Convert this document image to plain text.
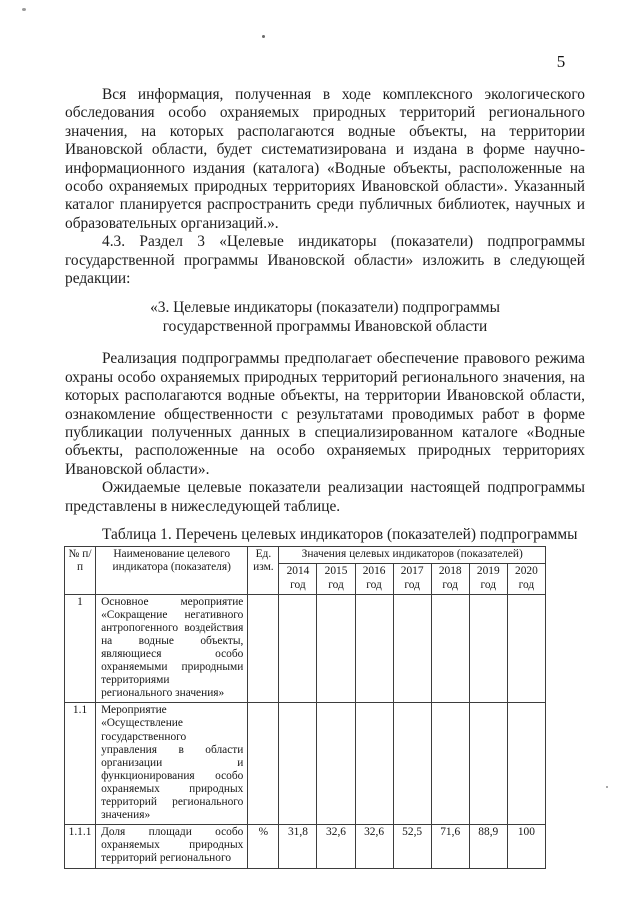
5

Вся информация, полученная в ходе комплексного экологического обследования особо охраняемых природных территорий регионального значения, на которых располагаются водные объекты, на территории Ивановской области, будет систематизирована и издана в форме научно-информационного издания (каталога) «Водные объекты, расположенные на особо охраняемых природных территориях Ивановской области». Указанный каталог планируется распространить среди публичных библиотек, научных и образовательных организаций.».

4.3. Раздел 3 «Целевые индикаторы (показатели) подпрограммы государственной программы Ивановской области» изложить в следующей редакции:

«3. Целевые индикаторы (показатели) подпрограммы
государственной программы Ивановской области

Реализация подпрограммы предполагает обеспечение правового режима охраны особо охраняемых природных территорий регионального значения, на которых располагаются водные объекты, на территории Ивановской области, ознакомление общественности с результатами проводимых работ в форме публикации полученных данных в специализированном каталоге «Водные объекты, расположенные на особо охраняемых природных территориях Ивановской области».

Ожидаемые целевые показатели реализации настоящей подпрограммы представлены в нижеследующей таблице.

Таблица 1. Перечень целевых индикаторов (показателей) подпрограммы

№ п/п	Наименование целевого индикатора (показателя)	Ед. изм.	Значения целевых индикаторов (показателей)						
			2014 год	2015 год	2016 год	2017 год	2018 год	2019 год	2020 год
1	Основное мероприятие «Сокращение негативного антропогенного воздействия на водные объекты, являющиеся особо охраняемыми природными территориями регионального значения»								
1.1	Мероприятие «Осуществление государственного управления в области организации и функционирования особо охраняемых природных территорий регионального значения»								
1.1.1	Доля площади особо охраняемых природных территорий регионального	%	31,8	32,6	32,6	52,5	71,6	88,9	100
